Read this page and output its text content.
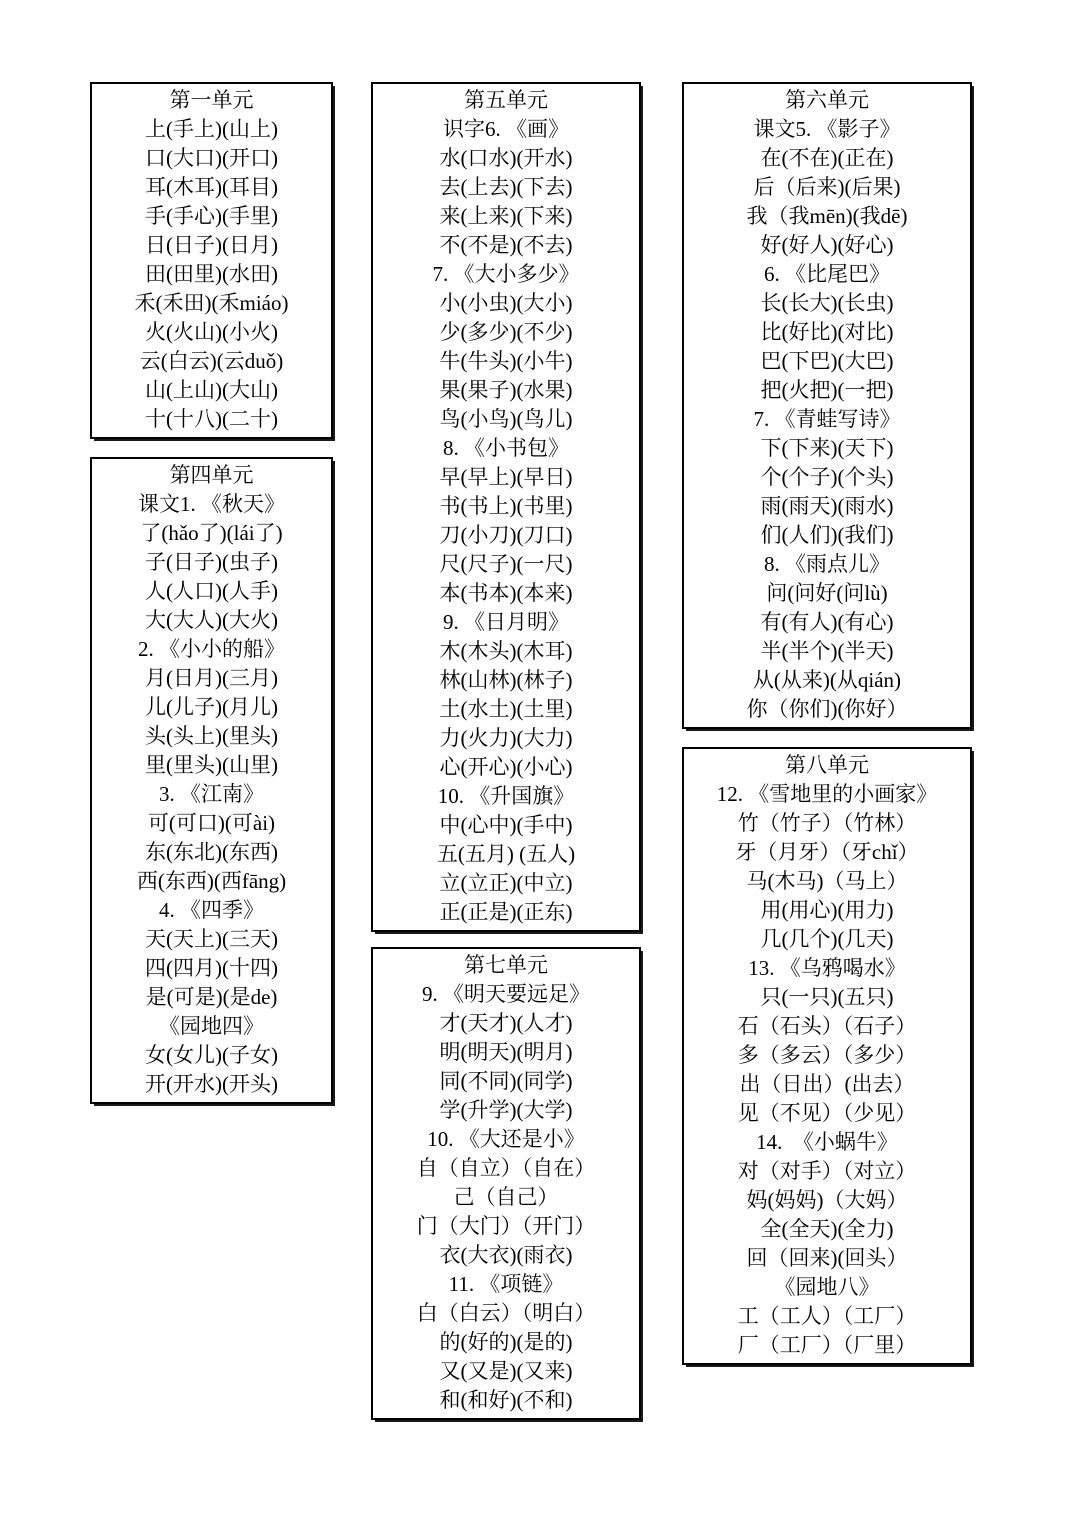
第一单元
上(手上)(山上)
口(大口)(开口)
耳(木耳)(耳目)
手(手心)(手里)
日(日子)(日月)
田(田里)(水田)
禾(禾田)(禾miáo)
火(火山)(小火)
云(白云)(云duǒ)
山(上山)(大山)
十(十八)(二十)
第四单元
课文1. 《秋天》
了(hǎo了)(lái了)
子(日子)(虫子)
人(人口)(人手)
大(大人)(大火)
2. 《小小的船》
月(日月)(三月)
儿(儿子)(月儿)
头(头上)(里头)
里(里头)(山里)
3. 《江南》
可(可口)(可ài)
东(东北)(东西)
西(东西)(西fāng)
4. 《四季》
天(天上)(三天)
四(四月)(十四)
是(可是)(是de)
《园地四》
女(女儿)(子女)
开(开水)(开头)
第五单元
识字6. 《画》
水(口水)(开水)
去(上去)(下去)
来(上来)(下来)
不(不是)(不去)
7. 《大小多少》
小(小虫)(大小)
少(多少)(不少)
牛(牛头)(小牛)
果(果子)(水果)
鸟(小鸟)(鸟儿)
8. 《小书包》
早(早上)(早日)
书(书上)(书里)
刀(小刀)(刀口)
尺(尺子)(一尺)
本(书本)(本来)
9. 《日月明》
木(木头)(木耳)
林(山林)(林子)
土(水土)(土里)
力(火力)(大力)
心(开心)(小心)
10. 《升国旗》
中(心中)(手中)
五(五月) (五人)
立(立正)(中立)
正(正是)(正东)
第七单元
9. 《明天要远足》
才(天才)(人才)
明(明天)(明月)
同(不同)(同学)
学(升学)(大学)
10. 《大还是小》
自（自立）（自在）
己（自己）
门（大门）（开门）
衣(大衣)(雨衣)
11. 《项链》
白（白云）（明白）
的(好的)(是的)
又(又是)(又来)
和(和好)(不和)
第六单元
课文5. 《影子》
在(不在)(正在)
后（后来)(后果)
我（我mēn)(我dē)
好(好人)(好心)
6. 《比尾巴》
长(长大)(长虫)
比(好比)(对比)
巴(下巴)(大巴)
把(火把)(一把)
7. 《青蛙写诗》
下(下来)(天下)
个(个子)(个头)
雨(雨天)(雨水)
们(人们)(我们)
8. 《雨点儿》
问(问好(问lù)
有(有人)(有心)
半(半个)(半天)
从(从来)(从qián)
你（你们)(你好）
第八单元
12. 《雪地里的小画家》
竹（竹子）（竹林）
牙（月牙）（牙chǐ）
马(木马)（马上）
用(用心)(用力)
几(几个)(几天)
13. 《乌鸦喝水》
只(一只)(五只)
石（石头）（石子）
多（多云）（多少）
出（日出）(出去）
见（不见）（少见）
14.　《小蜗牛》
对（对手）（对立）
妈(妈妈)（大妈）
全(全天)(全力)
回（回来)(回头）
《园地八》
工（工人）（工厂）
厂（工厂）（厂里）
